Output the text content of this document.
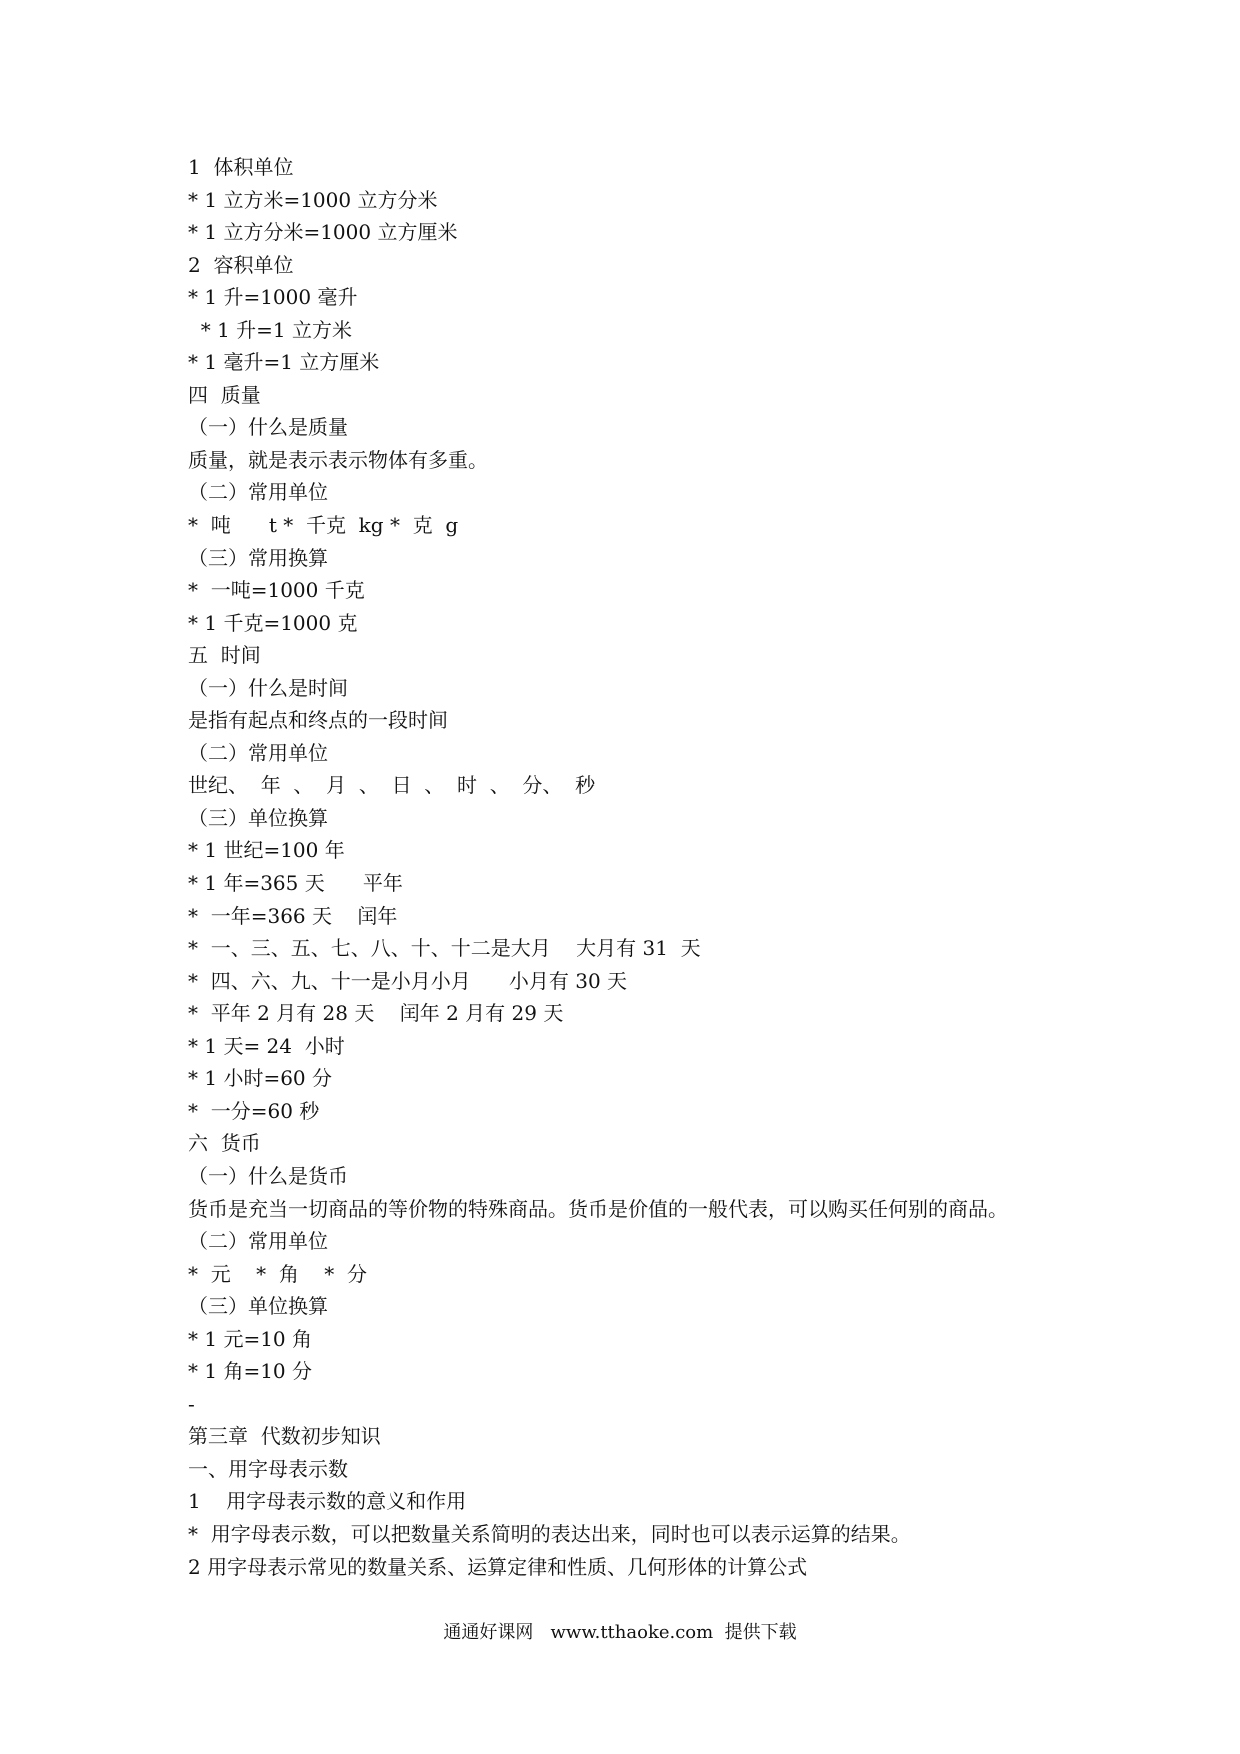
1  体积单位
* 1 立方米=1000 立方分米
* 1 立方分米=1000 立方厘米
2  容积单位
* 1 升=1000 毫升
* 1 升=1 立方米
* 1 毫升=1 立方厘米
四  质量
（一）什么是质量
质量，就是表示表示物体有多重。
（二）常用单位
*  吨      t *  千克  kg *  克  g
（三）常用换算
*  一吨=1000 千克
* 1 千克=1000 克
五  时间
（一）什么是时间
是指有起点和终点的一段时间
（二）常用单位
世纪、  年  、  月  、  日  、  时  、  分、  秒
（三）单位换算
* 1 世纪=100 年
* 1 年=365 天      平年
*  一年=366 天    闰年
*  一、三、五、七、八、十、十二是大月    大月有 31  天
*  四、六、九、十一是小月小月      小月有 30 天
*  平年 2 月有 28 天    闰年 2 月有 29 天
* 1 天= 24  小时
* 1 小时=60 分
*  一分=60 秒
六  货币
（一）什么是货币
货币是充当一切商品的等价物的特殊商品。货币是价值的一般代表，可以购买任何别的商品。
（二）常用单位
*  元    *  角    *  分
（三）单位换算
* 1 元=10 角
* 1 角=10 分
-
第三章  代数初步知识
一、用字母表示数
1    用字母表示数的意义和作用
*  用字母表示数，可以把数量关系简明的表达出来，同时也可以表示运算的结果。
2 用字母表示常见的数量关系、运算定律和性质、几何形体的计算公式
通通好课网   www.tthaoke.com  提供下载
